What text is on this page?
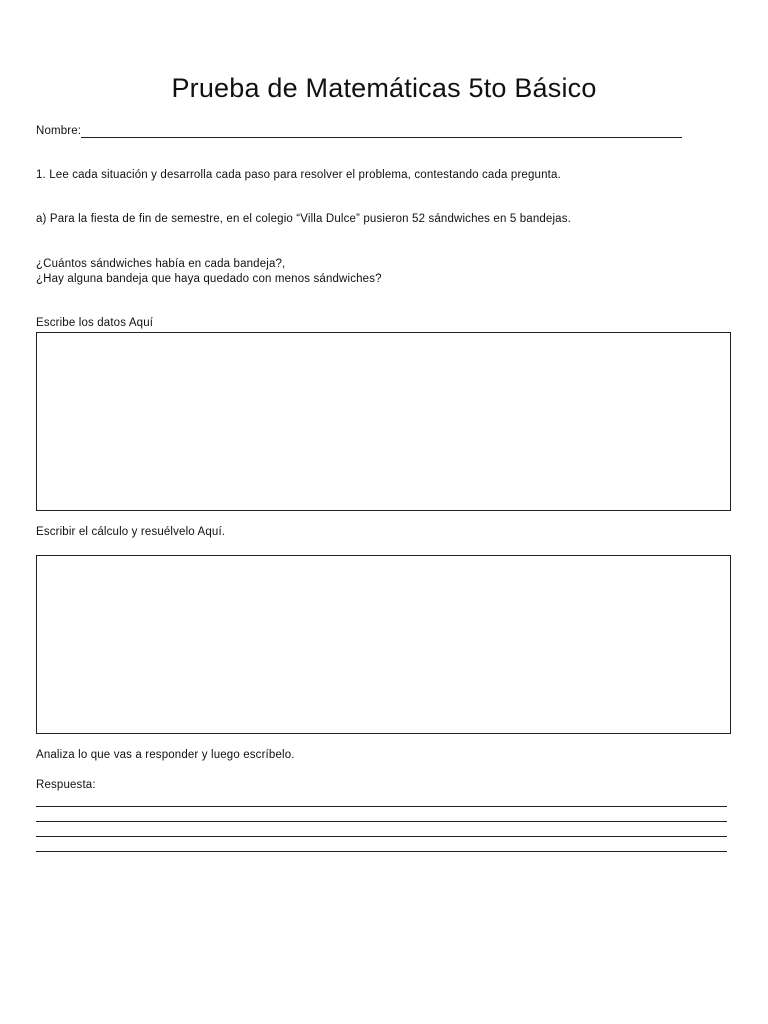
Prueba de Matemáticas 5to Básico
Nombre:
1. Lee cada situación y desarrolla cada paso para resolver el problema, contestando cada pregunta.
a) Para la fiesta de fin de semestre, en el colegio “Villa Dulce” pusieron 52 sándwiches en 5 bandejas.
¿Cuántos sándwiches había en cada bandeja?,
¿Hay alguna bandeja que haya quedado con menos sándwiches?
Escribe los datos Aquí
Escribir el cálculo y resuélvelo Aquí.
Analiza lo que vas a responder y luego escríbelo.
Respuesta:
